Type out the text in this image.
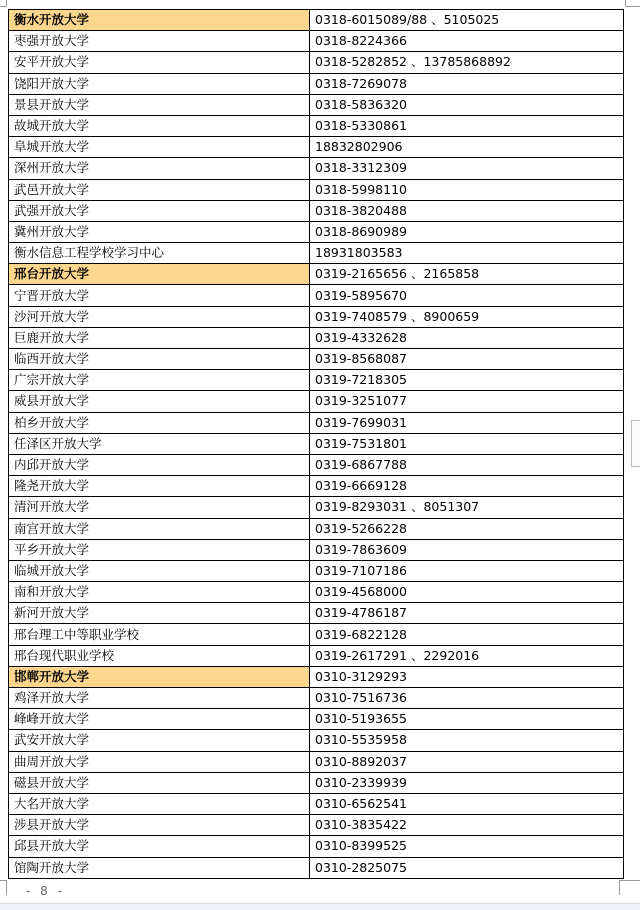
衡水开放大学	0318-6015089/88 、5105025
枣强开放大学	0318-8224366
安平开放大学	0318-5282852 、13785868892
饶阳开放大学	0318-7269078
景县开放大学	0318-5836320
故城开放大学	0318-5330861
阜城开放大学	18832802906
深州开放大学	0318-3312309
武邑开放大学	0318-5998110
武强开放大学	0318-3820488
冀州开放大学	0318-8690989
衡水信息工程学校学习中心	18931803583
邢台开放大学	0319-2165656 、2165858
宁晋开放大学	0319-5895670
沙河开放大学	0319-7408579 、8900659
巨鹿开放大学	0319-4332628
临西开放大学	0319-8568087
广宗开放大学	0319-7218305
威县开放大学	0319-3251077
柏乡开放大学	0319-7699031
任泽区开放大学	0319-7531801
内邱开放大学	0319-6867788
隆尧开放大学	0319-6669128
清河开放大学	0319-8293031 、8051307
南宫开放大学	0319-5266228
平乡开放大学	0319-7863609
临城开放大学	0319-7107186
南和开放大学	0319-4568000
新河开放大学	0319-4786187
邢台理工中等职业学校	0319-6822128
邢台现代职业学校	0319-2617291 、2292016
邯郸开放大学	0310-3129293
鸡泽开放大学	0310-7516736
峰峰开放大学	0310-5193655
武安开放大学	0310-5535958
曲周开放大学	0310-8892037
磁县开放大学	0310-2339939
大名开放大学	0310-6562541
涉县开放大学	0310-3835422
邱县开放大学	0310-8399525
馆陶开放大学	0310-2825075
- 8 -
